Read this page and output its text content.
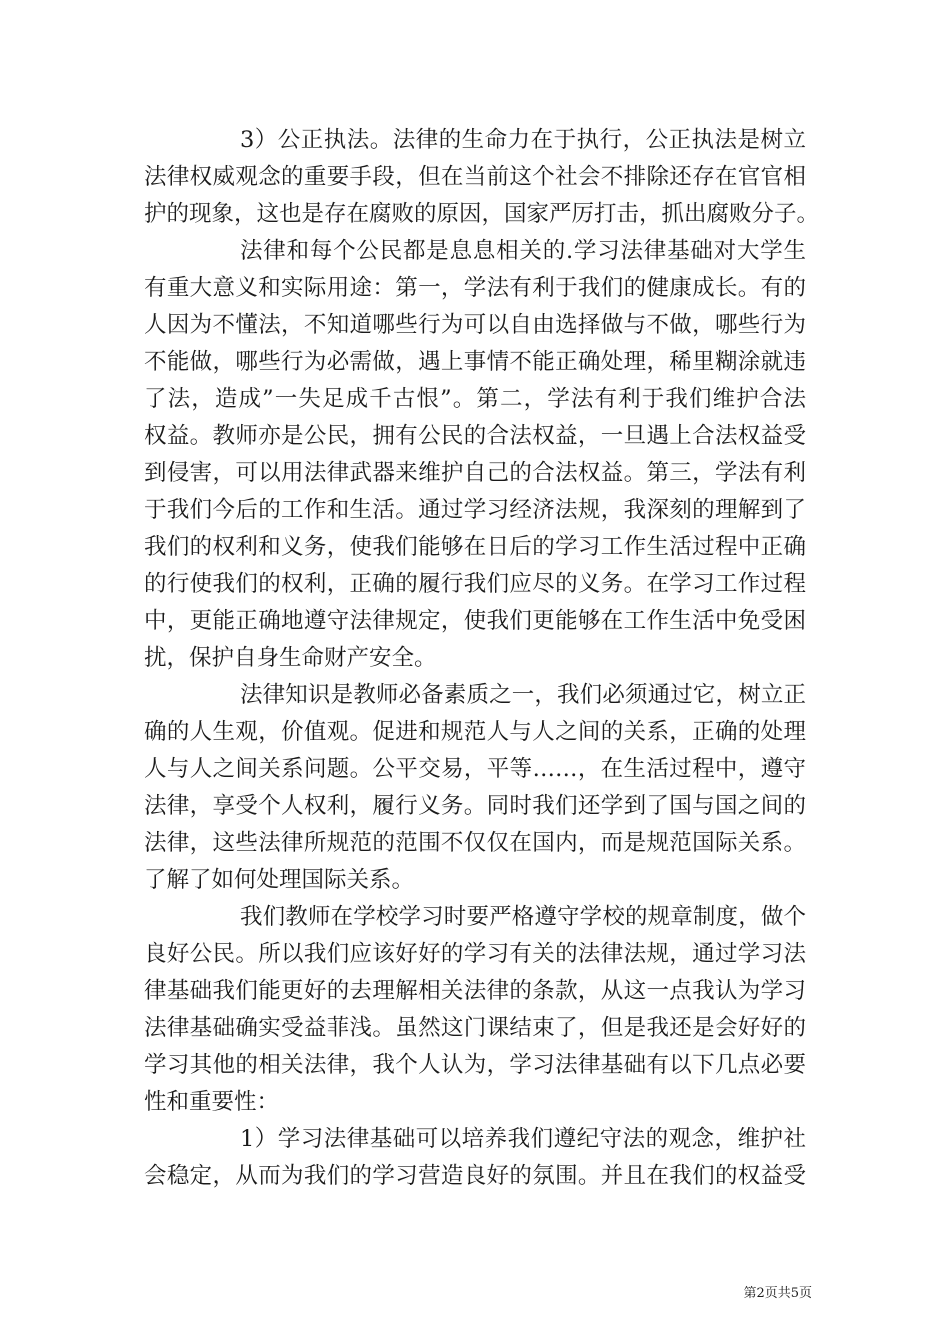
3）公正执法。法律的生命力在于执行，公正执法是树立
法律权威观念的重要手段，但在当前这个社会不排除还存在官官相
护的现象，这也是存在腐败的原因，国家严厉打击，抓出腐败分子。
法律和每个公民都是息息相关的.学习法律基础对大学生
有重大意义和实际用途：第一，学法有利于我们的健康成长。有的
人因为不懂法，不知道哪些行为可以自由选择做与不做，哪些行为
不能做，哪些行为必需做，遇上事情不能正确处理，稀里糊涂就违
了法，造成”一失足成千古恨”。第二，学法有利于我们维护合法
权益。教师亦是公民，拥有公民的合法权益，一旦遇上合法权益受
到侵害，可以用法律武器来维护自己的合法权益。第三，学法有利
于我们今后的工作和生活。通过学习经济法规，我深刻的理解到了
我们的权利和义务，使我们能够在日后的学习工作生活过程中正确
的行使我们的权利，正确的履行我们应尽的义务。在学习工作过程
中，更能正确地遵守法律规定，使我们更能够在工作生活中免受困
扰，保护自身生命财产安全。
法律知识是教师必备素质之一，我们必须通过它，树立正
确的人生观，价值观。促进和规范人与人之间的关系，正确的处理
人与人之间关系问题。公平交易，平等……，在生活过程中，遵守
法律，享受个人权利，履行义务。同时我们还学到了国与国之间的
法律，这些法律所规范的范围不仅仅在国内，而是规范国际关系。
了解了如何处理国际关系。
我们教师在学校学习时要严格遵守学校的规章制度，做个
良好公民。所以我们应该好好的学习有关的法律法规，通过学习法
律基础我们能更好的去理解相关法律的条款，从这一点我认为学习
法律基础确实受益菲浅。虽然这门课结束了，但是我还是会好好的
学习其他的相关法律，我个人认为，学习法律基础有以下几点必要
性和重要性：
1）学习法律基础可以培养我们遵纪守法的观念，维护社
会稳定，从而为我们的学习营造良好的氛围。并且在我们的权益受
第2页共5页
